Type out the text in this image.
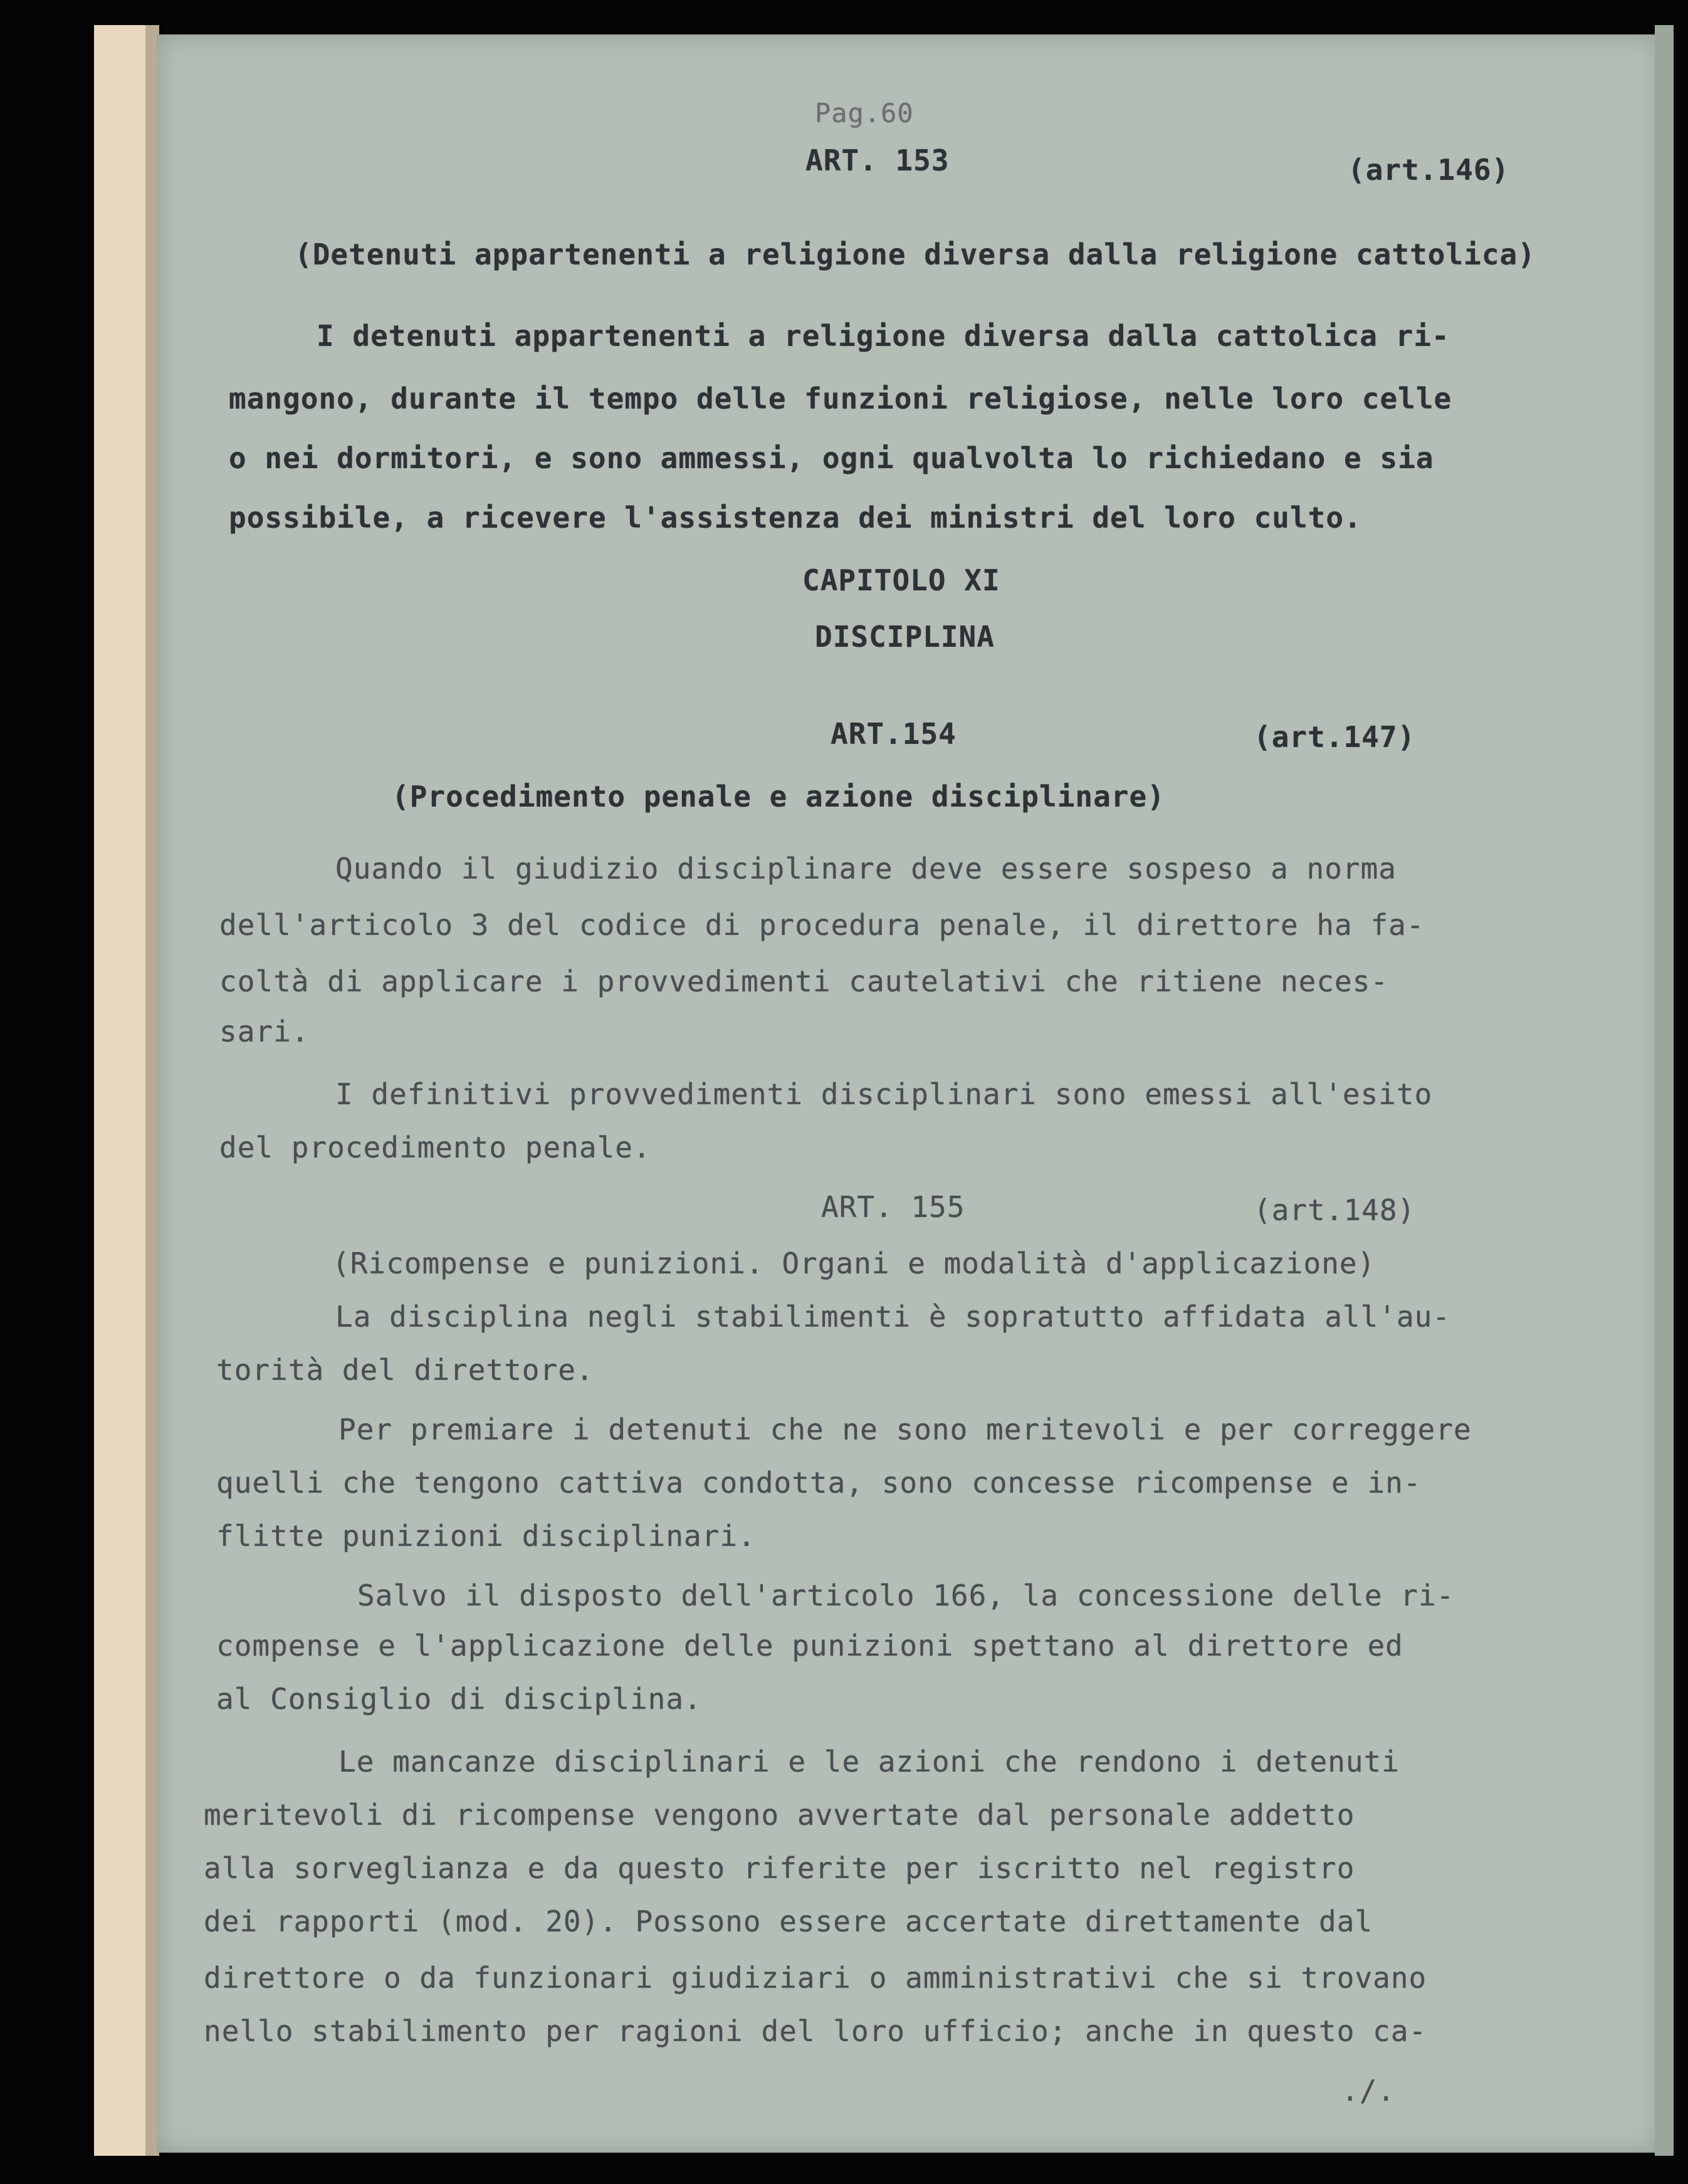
Pag.60
ART. 153	(art.146)
(Detenuti appartenenti a religione diversa dalla religione cattolica)
I detenuti appartenenti a religione diversa dalla cattolica ri-
mangono, durante il tempo delle funzioni religiose, nelle loro celle
o nei dormitori, e sono ammessi, ogni qualvolta lo richiedano e sia
possibile, a ricevere l'assistenza dei ministri del loro culto.
CAPITOLO XI
DISCIPLINA
ART.154	(art.147)
(Procedimento penale e azione disciplinare)
Quando il giudizio disciplinare deve essere sospeso a norma
dell'articolo 3 del codice di procedura penale, il direttore ha fa-
coltà di applicare i provvedimenti cautelativi che ritiene neces-
sari.
I definitivi provvedimenti disciplinari sono emessi all'esito
del procedimento penale.
ART. 155	(art.148)
(Ricompense e punizioni. Organi e modalità d'applicazione)
La disciplina negli stabilimenti è sopratutto affidata all'au-
torità del direttore.
Per premiare i detenuti che ne sono meritevoli e per correggere
quelli che tengono cattiva condotta, sono concesse ricompense e in-
flitte punizioni disciplinari.
Salvo il disposto dell'articolo 166, la concessione delle ri-
compense e l'applicazione delle punizioni spettano al direttore ed
al Consiglio di disciplina.
Le mancanze disciplinari e le azioni che rendono i detenuti
meritevoli di ricompense vengono avvertate dal personale addetto
alla sorveglianza e da questo riferite per iscritto nel registro
dei rapporti (mod. 20). Possono essere accertate direttamente dal
direttore o da funzionari giudiziari o amministrativi che si trovano
nello stabilimento per ragioni del loro ufficio; anche in questo ca-
./.
